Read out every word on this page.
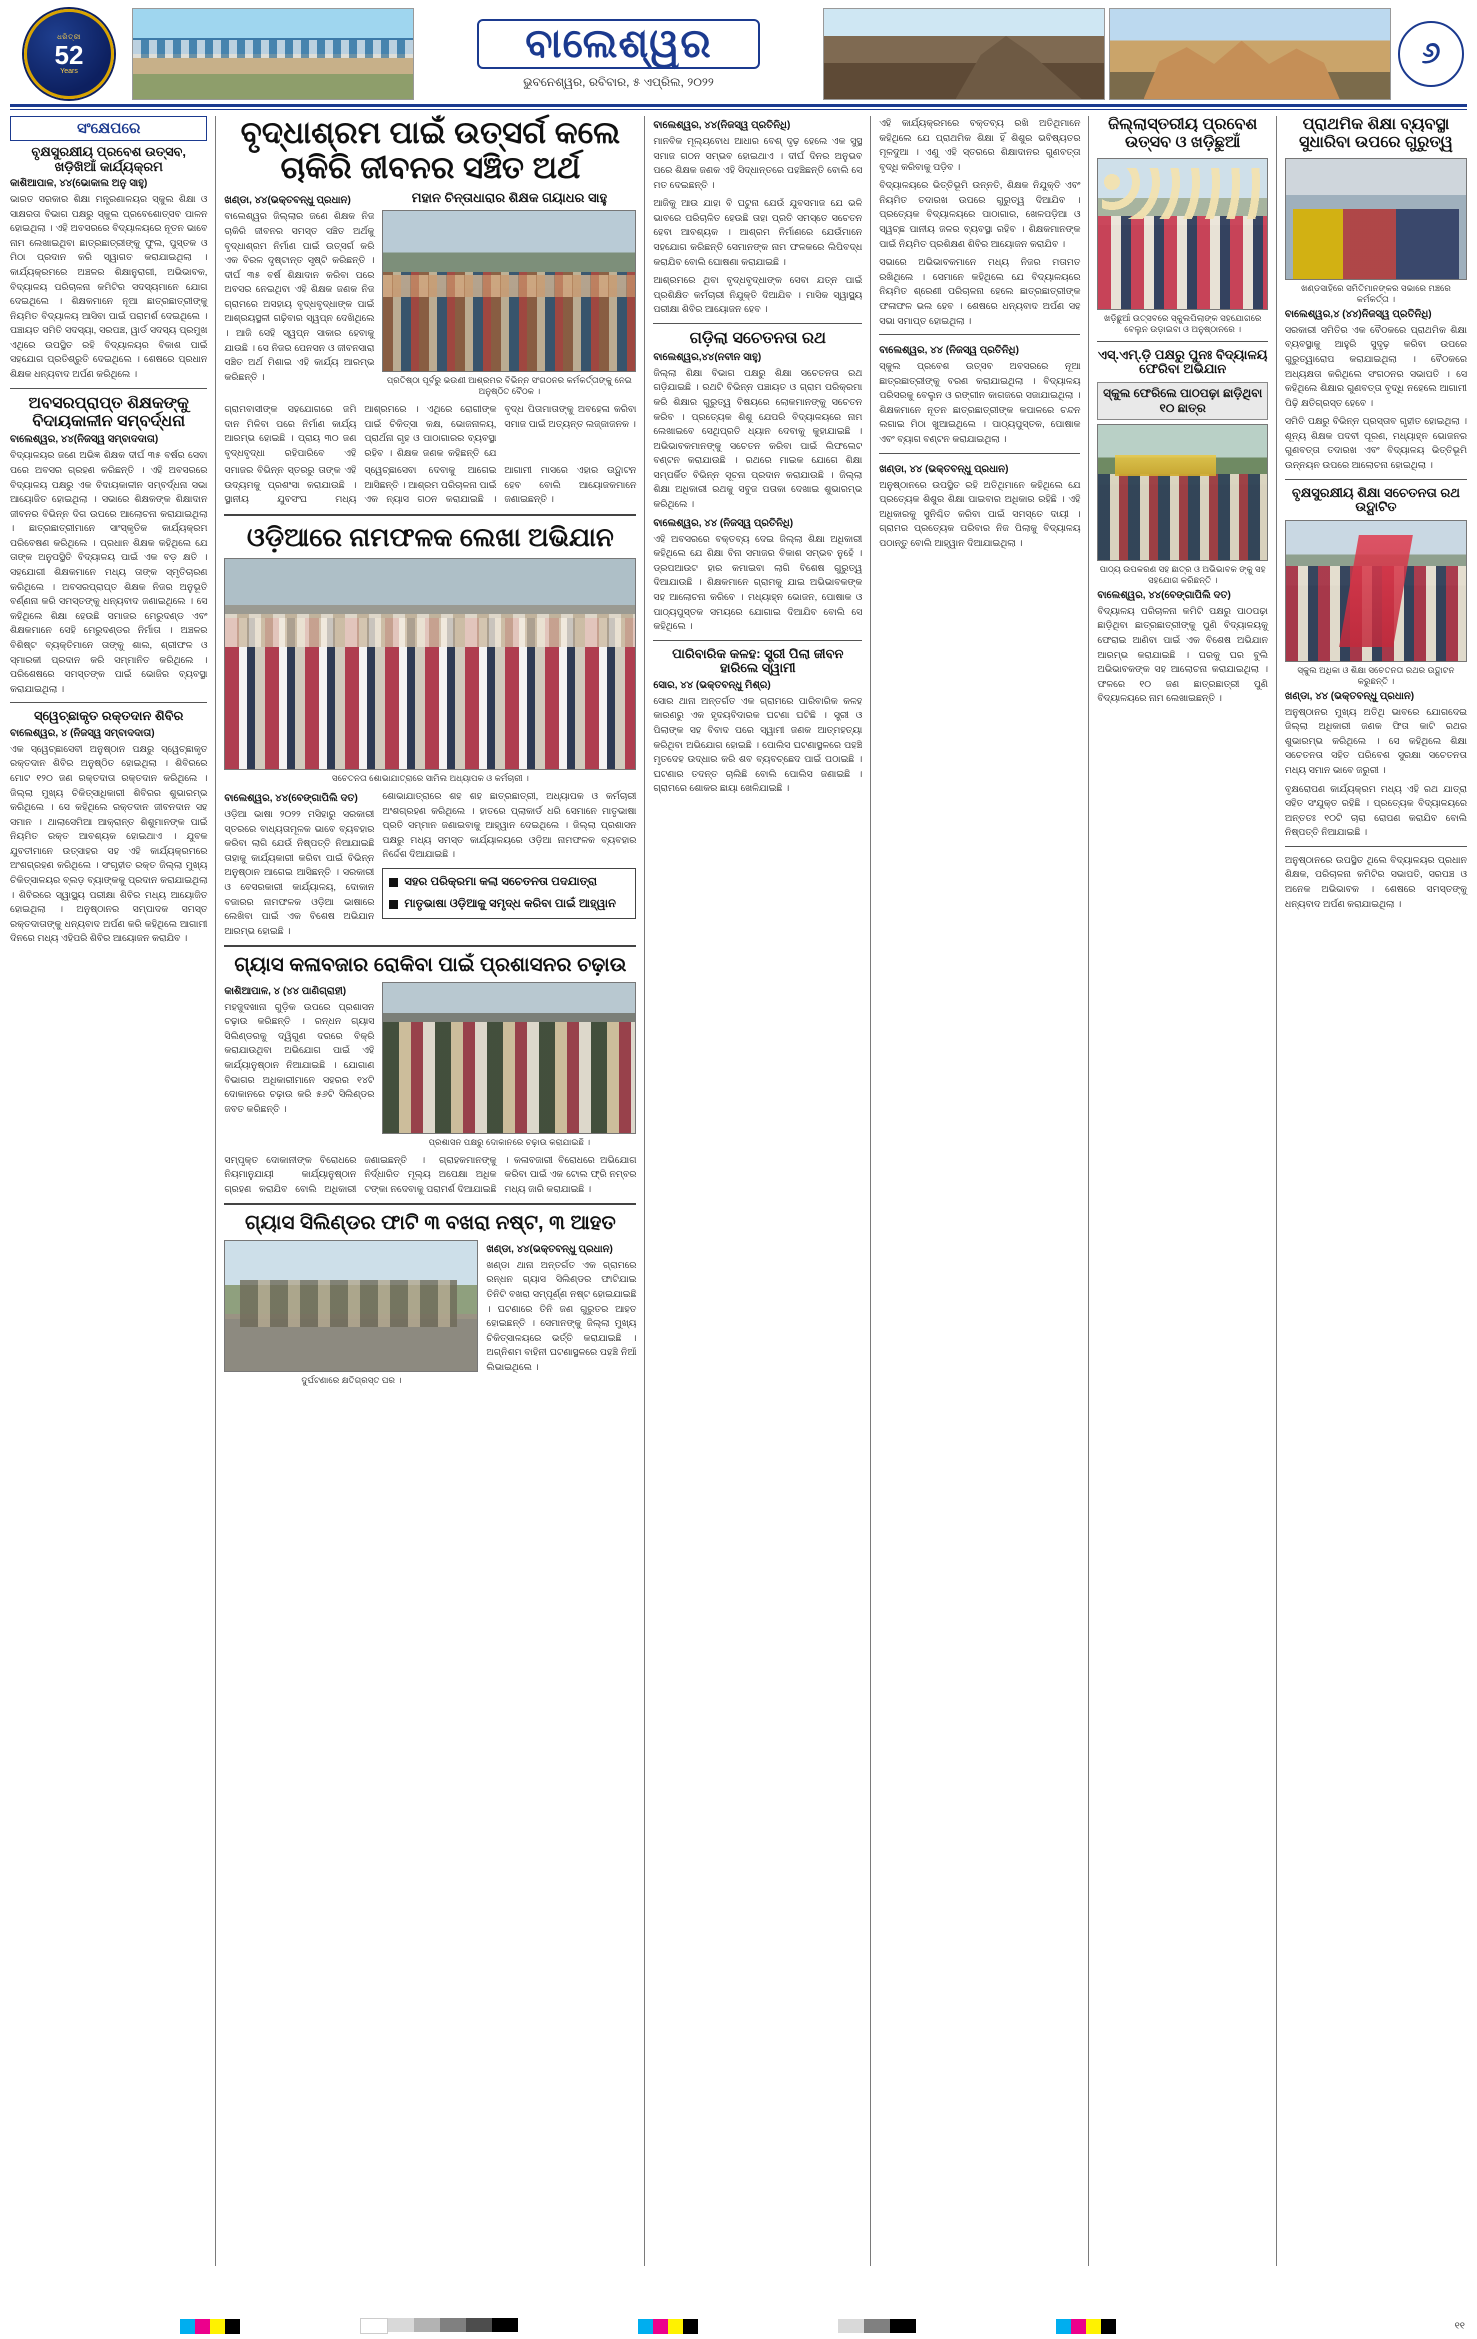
ଧରିତ୍ରୀ
52
Years
ବାଲେଶ୍ୱର
ଭୁବନେଶ୍ୱର, ରବିବାର, ୫ ଏପ୍ରିଲ, ୨୦୨୨
୬
ସଂକ୍ଷେପରେ
ବୃକ୍ଷସୁରକ୍ଷୀୟ ପ୍ରବେଶ ଉତ୍ସବ, ଖଡ଼ିଖିଆଁ କାର୍ଯ୍ୟକ୍ରମ
କାଶିଆପାଳ, ୪୪(ଭୋକାଲ ଅନୁ ସାହୁ)
ଭାରତ ସରକାର ଶିକ୍ଷା ମନ୍ତ୍ରଣାଳୟର ସ୍କୁଲ ଶିକ୍ଷା ଓ ସାକ୍ଷରତା ବିଭାଗ ପକ୍ଷରୁ ସ୍କୁଲ ପ୍ରବେଶୋତ୍ସବ ପାଳନ ହୋଇଥିଲା । ଏହି ଅବସରରେ ବିଦ୍ୟାଳୟରେ ନୂତନ ଭାବେ ନାମ ଲେଖାଇଥିବା ଛାତ୍ରଛାତ୍ରୀଙ୍କୁ ଫୁଲ, ପୁସ୍ତକ ଓ ମିଠା ପ୍ରଦାନ କରି ସ୍ୱାଗତ କରାଯାଇଥିଲା । କାର୍ଯ୍ୟକ୍ରମରେ ଅଞ୍ଚଳର ଶିକ୍ଷାନୁରାଗୀ, ଅଭିଭାବକ, ବିଦ୍ୟାଳୟ ପରିଚାଳନା କମିଟିର ସଦସ୍ୟମାନେ ଯୋଗ ଦେଇଥିଲେ । ଶିକ୍ଷକମାନେ ନୂଆ ଛାତ୍ରଛାତ୍ରୀଙ୍କୁ ନିୟମିତ ବିଦ୍ୟାଳୟ ଆସିବା ପାଇଁ ପରାମର୍ଶ ଦେଇଥିଲେ । ପଞ୍ଚାୟତ ସମିତି ସଦସ୍ୟା, ସରପଞ୍ଚ, ୱାର୍ଡ ସଦସ୍ୟ ପ୍ରମୁଖ ଏଥିରେ ଉପସ୍ଥିତ ରହି ବିଦ୍ୟାଳୟର ବିକାଶ ପାଇଁ ସହଯୋଗ ପ୍ରତିଶ୍ରୁତି ଦେଇଥିଲେ । ଶେଷରେ ପ୍ରଧାନ ଶିକ୍ଷକ ଧନ୍ୟବାଦ ଅର୍ପଣ କରିଥିଲେ ।
ଅବସରପ୍ରାପ୍ତ ଶିକ୍ଷକଙ୍କୁ ବିଦାୟକାଳୀନ ସମ୍ବର୍ଦ୍ଧନା
ବାଲେଶ୍ୱର, ୪୪(ନିଜସ୍ୱ ସମ୍ବାଦଦାତା)
ବିଦ୍ୟାଳୟର ଜଣେ ଅଭିଜ୍ଞ ଶିକ୍ଷକ ଦୀର୍ଘ ୩୫ ବର୍ଷର ସେବା ପରେ ଅବସର ଗ୍ରହଣ କରିଛନ୍ତି । ଏହି ଅବସରରେ ବିଦ୍ୟାଳୟ ପକ୍ଷରୁ ଏକ ବିଦାୟକାଳୀନ ସମ୍ବର୍ଦ୍ଧନା ସଭା ଆୟୋଜିତ ହୋଇଥିଲା । ସଭାରେ ଶିକ୍ଷକଙ୍କ ଶିକ୍ଷାଦାନ ଜୀବନର ବିଭିନ୍ନ ଦିଗ ଉପରେ ଆଲୋଚନା କରାଯାଇଥିଲା । ଛାତ୍ରଛାତ୍ରୀମାନେ ସାଂସ୍କୃତିକ କାର୍ଯ୍ୟକ୍ରମ ପରିବେଷଣ କରିଥିଲେ । ପ୍ରଧାନ ଶିକ୍ଷକ କହିଥିଲେ ଯେ ତାଙ୍କ ଅନୁପସ୍ଥିତି ବିଦ୍ୟାଳୟ ପାଇଁ ଏକ ବଡ଼ କ୍ଷତି । ସହଯୋଗୀ ଶିକ୍ଷକମାନେ ମଧ୍ୟ ତାଙ୍କ ସ୍ମୃତିଚାରଣ କରିଥିଲେ । ଅବସରପ୍ରାପ୍ତ ଶିକ୍ଷକ ନିଜର ଅନୁଭୂତି ବର୍ଣ୍ଣନା କରି ସମସ୍ତଙ୍କୁ ଧନ୍ୟବାଦ ଜଣାଇଥିଲେ । ସେ କହିଥିଲେ ଶିକ୍ଷା ହେଉଛି ସମାଜର ମେରୁଦଣ୍ଡ ଏବଂ ଶିକ୍ଷକମାନେ ସେହି ମେରୁଦଣ୍ଡର ନିର୍ମାତା । ଅଞ୍ଚଳର ବିଶିଷ୍ଟ ବ୍ୟକ୍ତିମାନେ ତାଙ୍କୁ ଶାଲ, ଶ୍ରୀଫଳ ଓ ସ୍ମାରକୀ ପ୍ରଦାନ କରି ସମ୍ମାନିତ କରିଥିଲେ । ପରିଶେଷରେ ସମସ୍ତଙ୍କ ପାଇଁ ଭୋଜିର ବ୍ୟବସ୍ଥା କରାଯାଇଥିଲା ।
ସ୍ୱେଚ୍ଛାକୃତ ରକ୍ତଦାନ ଶିବିର
ବାଲେଶ୍ୱର, ୪ (ନିଜସ୍ୱ ସମ୍ବାଦଦାତା)
ଏକ ସ୍ୱେଚ୍ଛାସେବୀ ଅନୁଷ୍ଠାନ ପକ୍ଷରୁ ସ୍ୱେଚ୍ଛାକୃତ ରକ୍ତଦାନ ଶିବିର ଅନୁଷ୍ଠିତ ହୋଇଥିଲା । ଶିବିରରେ ମୋଟ ୧୨୦ ଜଣ ରକ୍ତଦାତା ରକ୍ତଦାନ କରିଥିଲେ । ଜିଲ୍ଲା ମୁଖ୍ୟ ଚିକିତ୍ସାଧିକାରୀ ଶିବିରର ଶୁଭାରମ୍ଭ କରିଥିଲେ । ସେ କହିଥିଲେ ରକ୍ତଦାନ ଜୀବନଦାନ ସହ ସମାନ । ଥାଲାସେମିଆ ଆକ୍ରାନ୍ତ ଶିଶୁମାନଙ୍କ ପାଇଁ ନିୟମିତ ରକ୍ତ ଆବଶ୍ୟକ ହୋଇଥାଏ । ଯୁବକ ଯୁବତୀମାନେ ଉତ୍ସାହର ସହ ଏହି କାର୍ଯ୍ୟକ୍ରମରେ ଅଂଶଗ୍ରହଣ କରିଥିଲେ । ସଂଗୃହୀତ ରକ୍ତ ଜିଲ୍ଲା ମୁଖ୍ୟ ଚିକିତ୍ସାଳୟର ବ୍ଲଡ଼ ବ୍ୟାଙ୍କକୁ ପ୍ରଦାନ କରାଯାଇଥିଲା । ଶିବିରରେ ସ୍ୱାସ୍ଥ୍ୟ ପରୀକ୍ଷା ଶିବିର ମଧ୍ୟ ଆୟୋଜିତ ହୋଇଥିଲା । ଅନୁଷ୍ଠାନର ସମ୍ପାଦକ ସମସ୍ତ ରକ୍ତଦାତାଙ୍କୁ ଧନ୍ୟବାଦ ଅର୍ପଣ କରି କହିଥିଲେ ଆଗାମୀ ଦିନରେ ମଧ୍ୟ ଏହିପରି ଶିବିର ଆୟୋଜନ କରାଯିବ ।
ବୃଦ୍ଧାଶ୍ରମ ପାଇଁ ଉତ୍ସର୍ଗ କଲେ ଚାକିରି ଜୀବନର ସଞ୍ଚିତ ଅର୍ଥ
ଖଣ୍ଡା, ୪୪(ଭକ୍ତବନ୍ଧୁ ପ୍ରଧାନ)
ବାଲେଶ୍ୱର ଜିଲ୍ଲାର ଜଣେ ଶିକ୍ଷକ ନିଜ ଚାକିରି ଜୀବନର ସମସ୍ତ ସଞ୍ଚିତ ଅର୍ଥକୁ ବୃଦ୍ଧାଶ୍ରମ ନିର୍ମାଣ ପାଇଁ ଉତ୍ସର୍ଗ କରି ଏକ ବିରଳ ଦୃଷ୍ଟାନ୍ତ ସୃଷ୍ଟି କରିଛନ୍ତି । ଦୀର୍ଘ ୩୫ ବର୍ଷ ଶିକ୍ଷାଦାନ କରିବା ପରେ ଅବସର ନେଇଥିବା ଏହି ଶିକ୍ଷକ ଜଣକ ନିଜ ଗ୍ରାମରେ ଅସହାୟ ବୃଦ୍ଧବୃଦ୍ଧାଙ୍କ ପାଇଁ ଆଶ୍ରୟସ୍ଥଳୀ ଗଢ଼ିବାର ସ୍ୱପ୍ନ ଦେଖିଥିଲେ । ଆଜି ସେହି ସ୍ୱପ୍ନ ସାକାର ହେବାକୁ ଯାଉଛି । ସେ ନିଜର ପେନସନ ଓ ଜୀବନସାରା ସଞ୍ଚିତ ଅର୍ଥ ମିଶାଇ ଏହି କାର୍ଯ୍ୟ ଆରମ୍ଭ କରିଛନ୍ତି ।
ମହାନ ଚିନ୍ତାଧାରାର ଶିକ୍ଷକ ଗୟାଧର ସାହୁ
ପ୍ରତିଷ୍ଠା ପୂର୍ବରୁ ଭଉଣୀ ଆଶ୍ରମର ବିଭିନ୍ନ ସଂଗଠନର କର୍ମକର୍ତ୍ତାଙ୍କୁ ନେଇ ଅନୁଷ୍ଠିତ ବୈଠକ ।
ଗ୍ରାମବାସୀଙ୍କ ସହଯୋଗରେ ଜମି ଦାନ ମିଳିବା ପରେ ନିର୍ମାଣ କାର୍ଯ୍ୟ ଆରମ୍ଭ ହୋଇଛି । ପ୍ରାୟ ୩୦ ଜଣ ବୃଦ୍ଧବୃଦ୍ଧା ରହିପାରିବେ ଏହି ଆଶ୍ରମରେ । ଏଥିରେ ରୋଗୀଙ୍କ ପାଇଁ ଚିକିତ୍ସା କକ୍ଷ, ଭୋଜନାଳୟ, ପ୍ରାର୍ଥନା ଗୃହ ଓ ପାଠାଗାରର ବ୍ୟବସ୍ଥା ରହିବ । ଶିକ୍ଷକ ଜଣକ କହିଛନ୍ତି ଯେ ବୃଦ୍ଧ ପିତାମାତାଙ୍କୁ ଅବହେଳା କରିବା ସମାଜ ପାଇଁ ଅତ୍ୟନ୍ତ ଲଜ୍ଜାଜନକ ।
ସମାଜର ବିଭିନ୍ନ ସ୍ତରରୁ ତାଙ୍କ ଏହି ଉଦ୍ୟମକୁ ପ୍ରଶଂସା କରାଯାଉଛି । ସ୍ଥାନୀୟ ଯୁବସଂଘ ମଧ୍ୟ ସ୍ୱେଚ୍ଛାସେବା ଦେବାକୁ ଆଗେଇ ଆସିଛନ୍ତି । ଆଶ୍ରମ ପରିଚାଳନା ପାଇଁ ଏକ ନ୍ୟାସ ଗଠନ କରାଯାଇଛି । ଆଗାମୀ ମାସରେ ଏହାର ଉଦ୍ଘାଟନ ହେବ ବୋଲି ଆୟୋଜକମାନେ ଜଣାଇଛନ୍ତି ।
ଓଡ଼ିଆରେ ନାମଫଳକ ଲେଖା ଅଭିଯାନ
ସଚେତନତା ଶୋଭାଯାତ୍ରାରେ ସାମିଲ ଅଧ୍ୟାପକ ଓ କର୍ମଚାରୀ ।
ବାଲେଶ୍ୱର, ୪୪(ବେଙ୍ଗାପିଲି ଦତ)
ଓଡ଼ିଆ ଭାଷା ୨୦୨୨ ମସିହାରୁ ସରକାରୀ ସ୍ତରରେ ବାଧ୍ୟତାମୂଳକ ଭାବେ ବ୍ୟବହାର କରିବା ଲାଗି ଯେଉଁ ନିଷ୍ପତ୍ତି ନିଆଯାଇଛି ତାହାକୁ କାର୍ଯ୍ୟକାରୀ କରିବା ପାଇଁ ବିଭିନ୍ନ ଅନୁଷ୍ଠାନ ଆଗେଇ ଆସିଛନ୍ତି । ସରକାରୀ ଓ ବେସରକାରୀ କାର୍ଯ୍ୟାଳୟ, ଦୋକାନ ବଜାରର ନାମଫଳକ ଓଡ଼ିଆ ଭାଷାରେ ଲେଖିବା ପାଇଁ ଏକ ବିଶେଷ ଅଭିଯାନ ଆରମ୍ଭ ହୋଇଛି ।
ଶୋଭାଯାତ୍ରାରେ ଶହ ଶହ ଛାତ୍ରଛାତ୍ରୀ, ଅଧ୍ୟାପକ ଓ କର୍ମଚାରୀ ଅଂଶଗ୍ରହଣ କରିଥିଲେ । ହାତରେ ପ୍ଲାକାର୍ଡ ଧରି ସେମାନେ ମାତୃଭାଷା ପ୍ରତି ସମ୍ମାନ ଜଣାଇବାକୁ ଆହ୍ୱାନ ଦେଇଥିଲେ । ଜିଲ୍ଲା ପ୍ରଶାସନ ପକ୍ଷରୁ ମଧ୍ୟ ସମସ୍ତ କାର୍ଯ୍ୟାଳୟରେ ଓଡ଼ିଆ ନାମଫଳକ ବ୍ୟବହାର ନିର୍ଦ୍ଦେଶ ଦିଆଯାଇଛି ।
ସହର ପରିକ୍ରମା କଲା ସଚେତନତା ପଦଯାତ୍ରା
ମାତୃଭାଷା ଓଡ଼ିଆକୁ ସମୃଦ୍ଧ କରିବା ପାଇଁ ଆହ୍ୱାନ
ଗ୍ୟାସ କଳାବଜାର ରୋକିବା ପାଇଁ ପ୍ରଶାସନର ଚଢ଼ାଉ
କାଶିଆପାଳ, ୪ (୪୪ ପାଣିଗ୍ରାହୀ)
ମହଜୁଦଖାନା ଗୁଡ଼ିକ ଉପରେ ପ୍ରଶାସନ ଚଢ଼ାଉ କରିଛନ୍ତି । ରନ୍ଧନ ଗ୍ୟାସ ସିଲିଣ୍ଡରକୁ ଦ୍ୱିଗୁଣ ଦରରେ ବିକ୍ରି କରାଯାଉଥିବା ଅଭିଯୋଗ ପାଇଁ ଏହି କାର୍ଯ୍ୟାନୁଷ୍ଠାନ ନିଆଯାଇଛି । ଯୋଗାଣ ବିଭାଗର ଅଧିକାରୀମାନେ ସହରର ୧୪ଟି ଦୋକାନରେ ଚଢ଼ାଉ କରି ୫୬ଟି ସିଲିଣ୍ଡର ଜବତ କରିଛନ୍ତି ।
ପ୍ରଶାସନ ପକ୍ଷରୁ ଦୋକାନରେ ଚଢ଼ାଉ କରାଯାଇଛି ।
ସମ୍ପୃକ୍ତ ଦୋକାନୀଙ୍କ ବିରୋଧରେ ନିୟମାନୁଯାୟୀ କାର୍ଯ୍ୟାନୁଷ୍ଠାନ ଗ୍ରହଣ କରାଯିବ ବୋଲି ଅଧିକାରୀ ଜଣାଇଛନ୍ତି । ଗ୍ରାହକମାନଙ୍କୁ ନିର୍ଦ୍ଧାରିତ ମୂଲ୍ୟ ଅପେକ୍ଷା ଅଧିକ ଟଙ୍କା ନଦେବାକୁ ପରାମର୍ଶ ଦିଆଯାଇଛି । କଳାବଜାରୀ ବିରୋଧରେ ଅଭିଯୋଗ କରିବା ପାଇଁ ଏକ ଟୋଲ ଫ୍ରି ନମ୍ବର ମଧ୍ୟ ଜାରି କରାଯାଇଛି ।
ଗ୍ୟାସ ସିଲିଣ୍ଡର ଫାଟି ୩ ବଖରା ନଷ୍ଟ, ୩ ଆହତ
ଦୁର୍ଘଟଣାରେ କ୍ଷତିଗ୍ରସ୍ତ ଘର ।
ଖଣ୍ଡା, ୪୪(ଭକ୍ତବନ୍ଧୁ ପ୍ରଧାନ)
ଖଣ୍ଡା ଥାନା ଅନ୍ତର୍ଗତ ଏକ ଗ୍ରାମରେ ରନ୍ଧନ ଗ୍ୟାସ ସିଲିଣ୍ଡର ଫାଟିଯାଇ ତିନିଟି ବଖରା ସମ୍ପୂର୍ଣ୍ଣ ନଷ୍ଟ ହୋଇଯାଇଛି । ଘଟଣାରେ ତିନି ଜଣ ଗୁରୁତର ଆହତ ହୋଇଛନ୍ତି । ସେମାନଙ୍କୁ ଜିଲ୍ଲା ମୁଖ୍ୟ ଚିକିତ୍ସାଳୟରେ ଭର୍ତ୍ତି କରାଯାଇଛି । ଅଗ୍ନିଶମ ବାହିନୀ ଘଟଣାସ୍ଥଳରେ ପହଞ୍ଚି ନିଆଁ ଲିଭାଇଥିଲେ ।
ବାଲେଶ୍ୱର, ୪୪(ନିଜସ୍ୱ ପ୍ରତିନିଧି)
ମାନବିକ ମୂଲ୍ୟବୋଧ ଆଧାର ବେଶ୍ ଦୃଢ଼ ହେଲେ ଏକ ସୁସ୍ଥ ସମାଜ ଗଠନ ସମ୍ଭବ ହୋଇଥାଏ । ଦୀର୍ଘ ଦିନର ଅନୁଭବ ପରେ ଶିକ୍ଷକ ଜଣକ ଏହି ସିଦ୍ଧାନ୍ତରେ ପହଞ୍ଚିଛନ୍ତି ବୋଲି ସେ ମତ ଦେଇଛନ୍ତି ।
ଆଜିକୁ ଆଉ ଯାହା ବି ଘଟୁନା ଯେଉଁ ଯୁବସମାଜ ଯେ ଭଳି ଭାବରେ ପରିଚାଳିତ ହେଉଛି ତାହା ପ୍ରତି ସମସ୍ତେ ସଚେତନ ହେବା ଆବଶ୍ୟକ । ଆଶ୍ରମ ନିର୍ମାଣରେ ଯେଉଁମାନେ ସହଯୋଗ କରିଛନ୍ତି ସେମାନଙ୍କ ନାମ ଫଳକରେ ଲିପିବଦ୍ଧ କରାଯିବ ବୋଲି ଘୋଷଣା କରାଯାଇଛି ।
ଆଶ୍ରମରେ ଥିବା ବୃଦ୍ଧବୃଦ୍ଧାଙ୍କ ସେବା ଯତ୍ନ ପାଇଁ ପ୍ରଶିକ୍ଷିତ କର୍ମଚାରୀ ନିଯୁକ୍ତି ଦିଆଯିବ । ମାସିକ ସ୍ୱାସ୍ଥ୍ୟ ପରୀକ୍ଷା ଶିବିର ଆୟୋଜନ ହେବ ।
ଗଡ଼ିଲା ସଚେତନତା ରଥ
ବାଲେଶ୍ୱର,୪୪(ନବୀନ ସାହୁ)
ଜିଲ୍ଲା ଶିକ୍ଷା ବିଭାଗ ପକ୍ଷରୁ ଶିକ୍ଷା ସଚେତନତା ରଥ ଗଡ଼ିଯାଇଛି । ରଥଟି ବିଭିନ୍ନ ପଞ୍ଚାୟତ ଓ ଗ୍ରାମ ପରିକ୍ରମା କରି ଶିକ୍ଷାର ଗୁରୁତ୍ୱ ବିଷୟରେ ଲୋକମାନଙ୍କୁ ସଚେତନ କରିବ । ପ୍ରତ୍ୟେକ ଶିଶୁ ଯେପରି ବିଦ୍ୟାଳୟରେ ନାମ ଲେଖାଇବେ ସେଥିପ୍ରତି ଧ୍ୟାନ ଦେବାକୁ କୁହାଯାଇଛି । ଅଭିଭାବକମାନଙ୍କୁ ସଚେତନ କରିବା ପାଇଁ ଲିଫଲେଟ ବଣ୍ଟନ କରାଯାଉଛି । ରଥରେ ମାଇକ ଯୋଗେ ଶିକ୍ଷା ସମ୍ପର୍କିତ ବିଭିନ୍ନ ସୂଚନା ପ୍ରଦାନ କରାଯାଉଛି । ଜିଲ୍ଲା ଶିକ୍ଷା ଅଧିକାରୀ ରଥକୁ ସବୁଜ ପତାକା ଦେଖାଇ ଶୁଭାରମ୍ଭ କରିଥିଲେ ।
ବାଲେଶ୍ୱର, ୪୪ (ନିଜସ୍ୱ ପ୍ରତିନିଧି)
ଏହି ଅବସରରେ ବକ୍ତବ୍ୟ ଦେଇ ଜିଲ୍ଲା ଶିକ୍ଷା ଅଧିକାରୀ କହିଥିଲେ ଯେ ଶିକ୍ଷା ବିନା ସମାଜର ବିକାଶ ସମ୍ଭବ ନୁହେଁ । ଡ୍ରପଆଉଟ ହାର କମାଇବା ଲାଗି ବିଶେଷ ଗୁରୁତ୍ୱ ଦିଆଯାଉଛି । ଶିକ୍ଷକମାନେ ଗ୍ରାମକୁ ଯାଇ ଅଭିଭାବକଙ୍କ ସହ ଆଲୋଚନା କରିବେ । ମଧ୍ୟାହ୍ନ ଭୋଜନ, ପୋଷାକ ଓ ପାଠ୍ୟପୁସ୍ତକ ସମୟରେ ଯୋଗାଇ ଦିଆଯିବ ବୋଲି ସେ କହିଥିଲେ ।
ପାରିବାରିକ କଳହ: ସ୍ତ୍ରୀ ପିଲା ଜୀବନ ହାରିଲେ ସ୍ୱାମୀ
ସୋର, ୪୪ (ଭକ୍ତବନ୍ଧୁ ମିଶ୍ର)
ସୋର ଥାନା ଅନ୍ତର୍ଗତ ଏକ ଗ୍ରାମରେ ପାରିବାରିକ କଳହ କାରଣରୁ ଏକ ହୃଦୟବିଦାରକ ଘଟଣା ଘଟିଛି । ସ୍ତ୍ରୀ ଓ ପିଲାଙ୍କ ସହ ବିବାଦ ପରେ ସ୍ୱାମୀ ଜଣକ ଆତ୍ମହତ୍ୟା କରିଥିବା ଅଭିଯୋଗ ହୋଇଛି । ପୋଲିସ ଘଟଣାସ୍ଥଳରେ ପହଞ୍ଚି ମୃତଦେହ ଉଦ୍ଧାର କରି ଶବ ବ୍ୟବଚ୍ଛେଦ ପାଇଁ ପଠାଇଛି । ଘଟଣାର ତଦନ୍ତ ଚାଲିଛି ବୋଲି ପୋଲିସ ଜଣାଇଛି । ଗ୍ରାମରେ ଶୋକର ଛାୟା ଖେଳିଯାଇଛି ।
ଏହି କାର୍ଯ୍ୟକ୍ରମରେ ବକ୍ତବ୍ୟ ରଖି ଅତିଥିମାନେ କହିଥିଲେ ଯେ ପ୍ରାଥମିକ ଶିକ୍ଷା ହିଁ ଶିଶୁର ଭବିଷ୍ୟତର ମୂଳଦୁଆ । ଏଣୁ ଏହି ସ୍ତରରେ ଶିକ୍ଷାଦାନର ଗୁଣବତ୍ତା ବୃଦ୍ଧି କରିବାକୁ ପଡ଼ିବ ।
ବିଦ୍ୟାଳୟରେ ଭିତ୍ତିଭୂମି ଉନ୍ନତି, ଶିକ୍ଷକ ନିଯୁକ୍ତି ଏବଂ ନିୟମିତ ତଦାରଖ ଉପରେ ଗୁରୁତ୍ୱ ଦିଆଯିବ । ପ୍ରତ୍ୟେକ ବିଦ୍ୟାଳୟରେ ପାଠାଗାର, ଖେଳପଡ଼ିଆ ଓ ସ୍ୱଚ୍ଛ ପାନୀୟ ଜଳର ବ୍ୟବସ୍ଥା ରହିବ । ଶିକ୍ଷକମାନଙ୍କ ପାଇଁ ନିୟମିତ ପ୍ରଶିକ୍ଷଣ ଶିବିର ଆୟୋଜନ କରାଯିବ ।
ସଭାରେ ଅଭିଭାବକମାନେ ମଧ୍ୟ ନିଜର ମତାମତ ରଖିଥିଲେ । ସେମାନେ କହିଥିଲେ ଯେ ବିଦ୍ୟାଳୟରେ ନିୟମିତ ଶ୍ରେଣୀ ପରିଚାଳନା ହେଲେ ଛାତ୍ରଛାତ୍ରୀଙ୍କ ଫଳାଫଳ ଭଲ ହେବ । ଶେଷରେ ଧନ୍ୟବାଦ ଅର୍ପଣ ସହ ସଭା ସମାପ୍ତ ହୋଇଥିଲା ।
ବାଲେଶ୍ୱର, ୪୪ (ନିଜସ୍ୱ ପ୍ରତିନିଧି)
ସ୍କୁଲ ପ୍ରବେଶ ଉତ୍ସବ ଅବସରରେ ନୂଆ ଛାତ୍ରଛାତ୍ରୀଙ୍କୁ ବରଣ କରାଯାଇଥିଲା । ବିଦ୍ୟାଳୟ ପରିସରକୁ ବେଲୁନ ଓ ରଙ୍ଗୀନ କାଗଜରେ ସଜାଯାଇଥିଲା । ଶିକ୍ଷକମାନେ ନୂତନ ଛାତ୍ରଛାତ୍ରୀଙ୍କ କପାଳରେ ଚନ୍ଦନ ଲଗାଇ ମିଠା ଖୁଆଇଥିଲେ । ପାଠ୍ୟପୁସ୍ତକ, ପୋଷାକ ଏବଂ ବ୍ୟାଗ ବଣ୍ଟନ କରାଯାଇଥିଲା ।
ଖଣ୍ଡା, ୪୪ (ଭକ୍ତବନ୍ଧୁ ପ୍ରଧାନ)
ଅନୁଷ୍ଠାନରେ ଉପସ୍ଥିତ ରହି ଅତିଥିମାନେ କହିଥିଲେ ଯେ ପ୍ରତ୍ୟେକ ଶିଶୁର ଶିକ୍ଷା ପାଇବାର ଅଧିକାର ରହିଛି । ଏହି ଅଧିକାରକୁ ସୁନିଶ୍ଚିତ କରିବା ପାଇଁ ସମସ୍ତେ ଦାୟୀ । ଗ୍ରାମର ପ୍ରତ୍ୟେକ ପରିବାର ନିଜ ପିଲାକୁ ବିଦ୍ୟାଳୟ ପଠାନ୍ତୁ ବୋଲି ଆହ୍ୱାନ ଦିଆଯାଇଥିଲା ।
ଜିଲ୍ଲାସ୍ତରୀୟ ପ୍ରବେଶ ଉତ୍ସବ ଓ ଖଡ଼ିଛୁଆଁ
ଖଡ଼ିଛୁଆଁ ଉତ୍ସବରେ ସ୍କୁଲପିଲାଙ୍କ ସହଯୋଗରେ ବେଲୁନ ଉଡ଼ାଇବା ଓ ଅନୁଷ୍ଠାନରେ ।
ଏସ୍.ଏମ୍.ଡ଼ି ପକ୍ଷରୁ ପୁନଃ ବିଦ୍ୟାଳୟ ଫେରିବା ଅଭିଯାନ
ସ୍କୁଲ ଫେରିଲେ ପାଠପଢ଼ା ଛାଡ଼ିଥିବା ୧୦ ଛାତ୍ର
ପାଠ୍ୟ ଉପକରଣ ସହ ଛାତ୍ର ଓ ଅଭିଭାବକ ଙ୍କୁ ସହ ସହଯୋଗ କରିଛନ୍ତି ।
ବାଲେଶ୍ୱର, ୪୪(ବେଙ୍ଗାପିଲି ଦତ)
ବିଦ୍ୟାଳୟ ପରିଚାଳନା କମିଟି ପକ୍ଷରୁ ପାଠପଢ଼ା ଛାଡ଼ିଥିବା ଛାତ୍ରଛାତ୍ରୀଙ୍କୁ ପୁଣି ବିଦ୍ୟାଳୟକୁ ଫେରାଇ ଆଣିବା ପାଇଁ ଏକ ବିଶେଷ ଅଭିଯାନ ଆରମ୍ଭ କରାଯାଇଛି । ଘରକୁ ଘର ବୁଲି ଅଭିଭାବକଙ୍କ ସହ ଆଲୋଚନା କରାଯାଇଥିଲା । ଫଳରେ ୧୦ ଜଣ ଛାତ୍ରଛାତ୍ରୀ ପୁଣି ବିଦ୍ୟାଳୟରେ ନାମ ଲେଖାଇଛନ୍ତି ।
ପ୍ରାଥମିକ ଶିକ୍ଷା ବ୍ୟବସ୍ଥା ସୁଧାରିବା ଉପରେ ଗୁରୁତ୍ୱ
ଖଣ୍ଡସାହିରେ ସମିତିମାନଙ୍କର ସଭାରେ ମଞ୍ଚରେ କର୍ମକର୍ତ୍ତା ।
ବାଲେଶ୍ୱର,୪ (୪୪)ନିଜସ୍ୱ ପ୍ରତିନିଧି)
ସରକାରୀ ସମିତିର ଏକ ବୈଠକରେ ପ୍ରାଥମିକ ଶିକ୍ଷା ବ୍ୟବସ୍ଥାକୁ ଆହୁରି ସୁଦୃଢ଼ କରିବା ଉପରେ ଗୁରୁତ୍ୱାରୋପ କରାଯାଇଥିଲା । ବୈଠକରେ ଅଧ୍ୟକ୍ଷତା କରିଥିଲେ ସଂଗଠନର ସଭାପତି । ସେ କହିଥିଲେ ଶିକ୍ଷାର ଗୁଣବତ୍ତା ବୃଦ୍ଧି ନହେଲେ ଆଗାମୀ ପିଢ଼ି କ୍ଷତିଗ୍ରସ୍ତ ହେବେ ।
ସମିତି ପକ୍ଷରୁ ବିଭିନ୍ନ ପ୍ରସ୍ତାବ ଗୃହୀତ ହୋଇଥିଲା । ଶୂନ୍ୟ ଶିକ୍ଷକ ପଦବୀ ପୂରଣ, ମଧ୍ୟାହ୍ନ ଭୋଜନର ଗୁଣବତ୍ତା ତଦାରଖ ଏବଂ ବିଦ୍ୟାଳୟ ଭିତ୍ତିଭୂମି ଉନ୍ନୟନ ଉପରେ ଆଲୋଚନା ହୋଇଥିଲା ।
ବୃକ୍ଷସୁରକ୍ଷୀୟ ଶିକ୍ଷା ସଚେତନତା ରଥ ଉଦ୍ଘାଟିତ
ସ୍କୁଲ ଅଧିକା ଓ ଶିକ୍ଷା ସଚେତନତା ରଥର ଉଦ୍ଘାଟନ କରୁଛନ୍ତି ।
ଖଣ୍ଡା, ୪୪ (ଭକ୍ତବନ୍ଧୁ ପ୍ରଧାନ)
ଅନୁଷ୍ଠାନର ମୁଖ୍ୟ ଅତିଥି ଭାବରେ ଯୋଗଦେଇ ଜିଲ୍ଲା ଅଧିକାରୀ ଜଣକ ଫିତା କାଟି ରଥର ଶୁଭାରମ୍ଭ କରିଥିଲେ । ସେ କହିଥିଲେ ଶିକ୍ଷା ସଚେତନତା ସହିତ ପରିବେଶ ସୁରକ୍ଷା ସଚେତନତା ମଧ୍ୟ ସମାନ ଭାବେ ଜରୁରୀ ।
ବୃକ୍ଷରୋପଣ କାର୍ଯ୍ୟକ୍ରମ ମଧ୍ୟ ଏହି ରଥ ଯାତ୍ରା ସହିତ ସଂଯୁକ୍ତ ରହିଛି । ପ୍ରତ୍ୟେକ ବିଦ୍ୟାଳୟରେ ଅନ୍ତତଃ ୧୦ଟି ଚାରା ରୋପଣ କରାଯିବ ବୋଲି ନିଷ୍ପତ୍ତି ନିଆଯାଇଛି ।
ଅନୁଷ୍ଠାନରେ ଉପସ୍ଥିତ ଥିଲେ ବିଦ୍ୟାଳୟର ପ୍ରଧାନ ଶିକ୍ଷକ, ପରିଚାଳନା କମିଟିର ସଭାପତି, ସରପଞ୍ଚ ଓ ଅନେକ ଅଭିଭାବକ । ଶେଷରେ ସମସ୍ତଙ୍କୁ ଧନ୍ୟବାଦ ଅର୍ପଣ କରାଯାଇଥିଲା ।
୧୧
